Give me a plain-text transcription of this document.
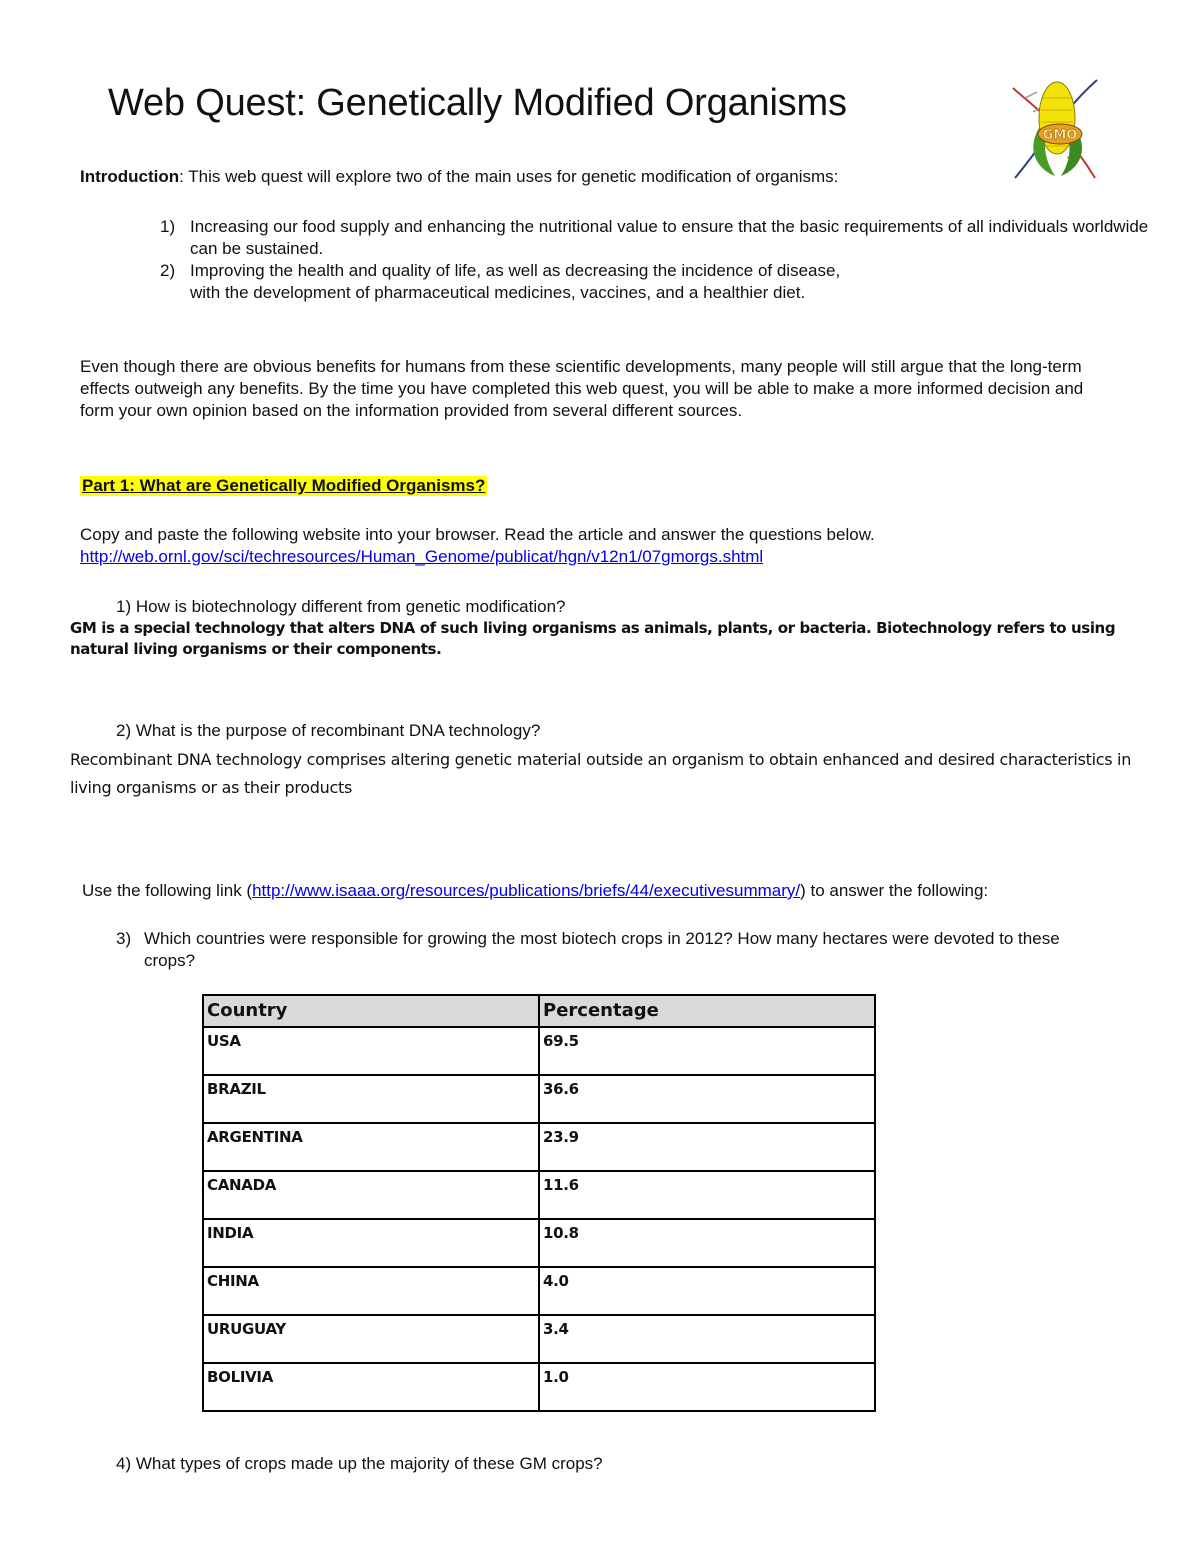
Web Quest: Genetically Modified Organisms
GMO
Introduction: This web quest will explore two of the main uses for genetic modification of organisms:
1) Increasing our food supply and enhancing the nutritional value to ensure that the basic requirements of all individuals worldwide can be sustained.
2) Improving the health and quality of life, as well as decreasing the incidence of disease, with the development of pharmaceutical medicines, vaccines, and a healthier diet.
Even though there are obvious benefits for humans from these scientific developments, many people will still argue that the long-term effects outweigh any benefits. By the time you have completed this web quest, you will be able to make a more informed decision and form your own opinion based on the information provided from several different sources.
Part 1: What are Genetically Modified Organisms?
Copy and paste the following website into your browser. Read the article and answer the questions below.
http://web.ornl.gov/sci/techresources/Human_Genome/publicat/hgn/v12n1/07gmorgs.shtml
1) How is biotechnology different from genetic modification?
GM is a special technology that alters DNA of such living organisms as animals, plants, or bacteria. Biotechnology refers to using natural living organisms or their components.
2) What is the purpose of recombinant DNA technology?
Recombinant DNA technology comprises altering genetic material outside an organism to obtain enhanced and desired characteristics in living organisms or as their products
Use the following link (http://www.isaaa.org/resources/publications/briefs/44/executivesummary/) to answer the following:
3) Which countries were responsible for growing the most biotech crops in 2012? How many hectares were devoted to these crops?
Country	Percentage
USA	69.5
BRAZIL	36.6
ARGENTINA	23.9
CANADA	11.6
INDIA	10.8
CHINA	4.0
URUGUAY	3.4
BOLIVIA	1.0
4) What types of crops made up the majority of these GM crops?
